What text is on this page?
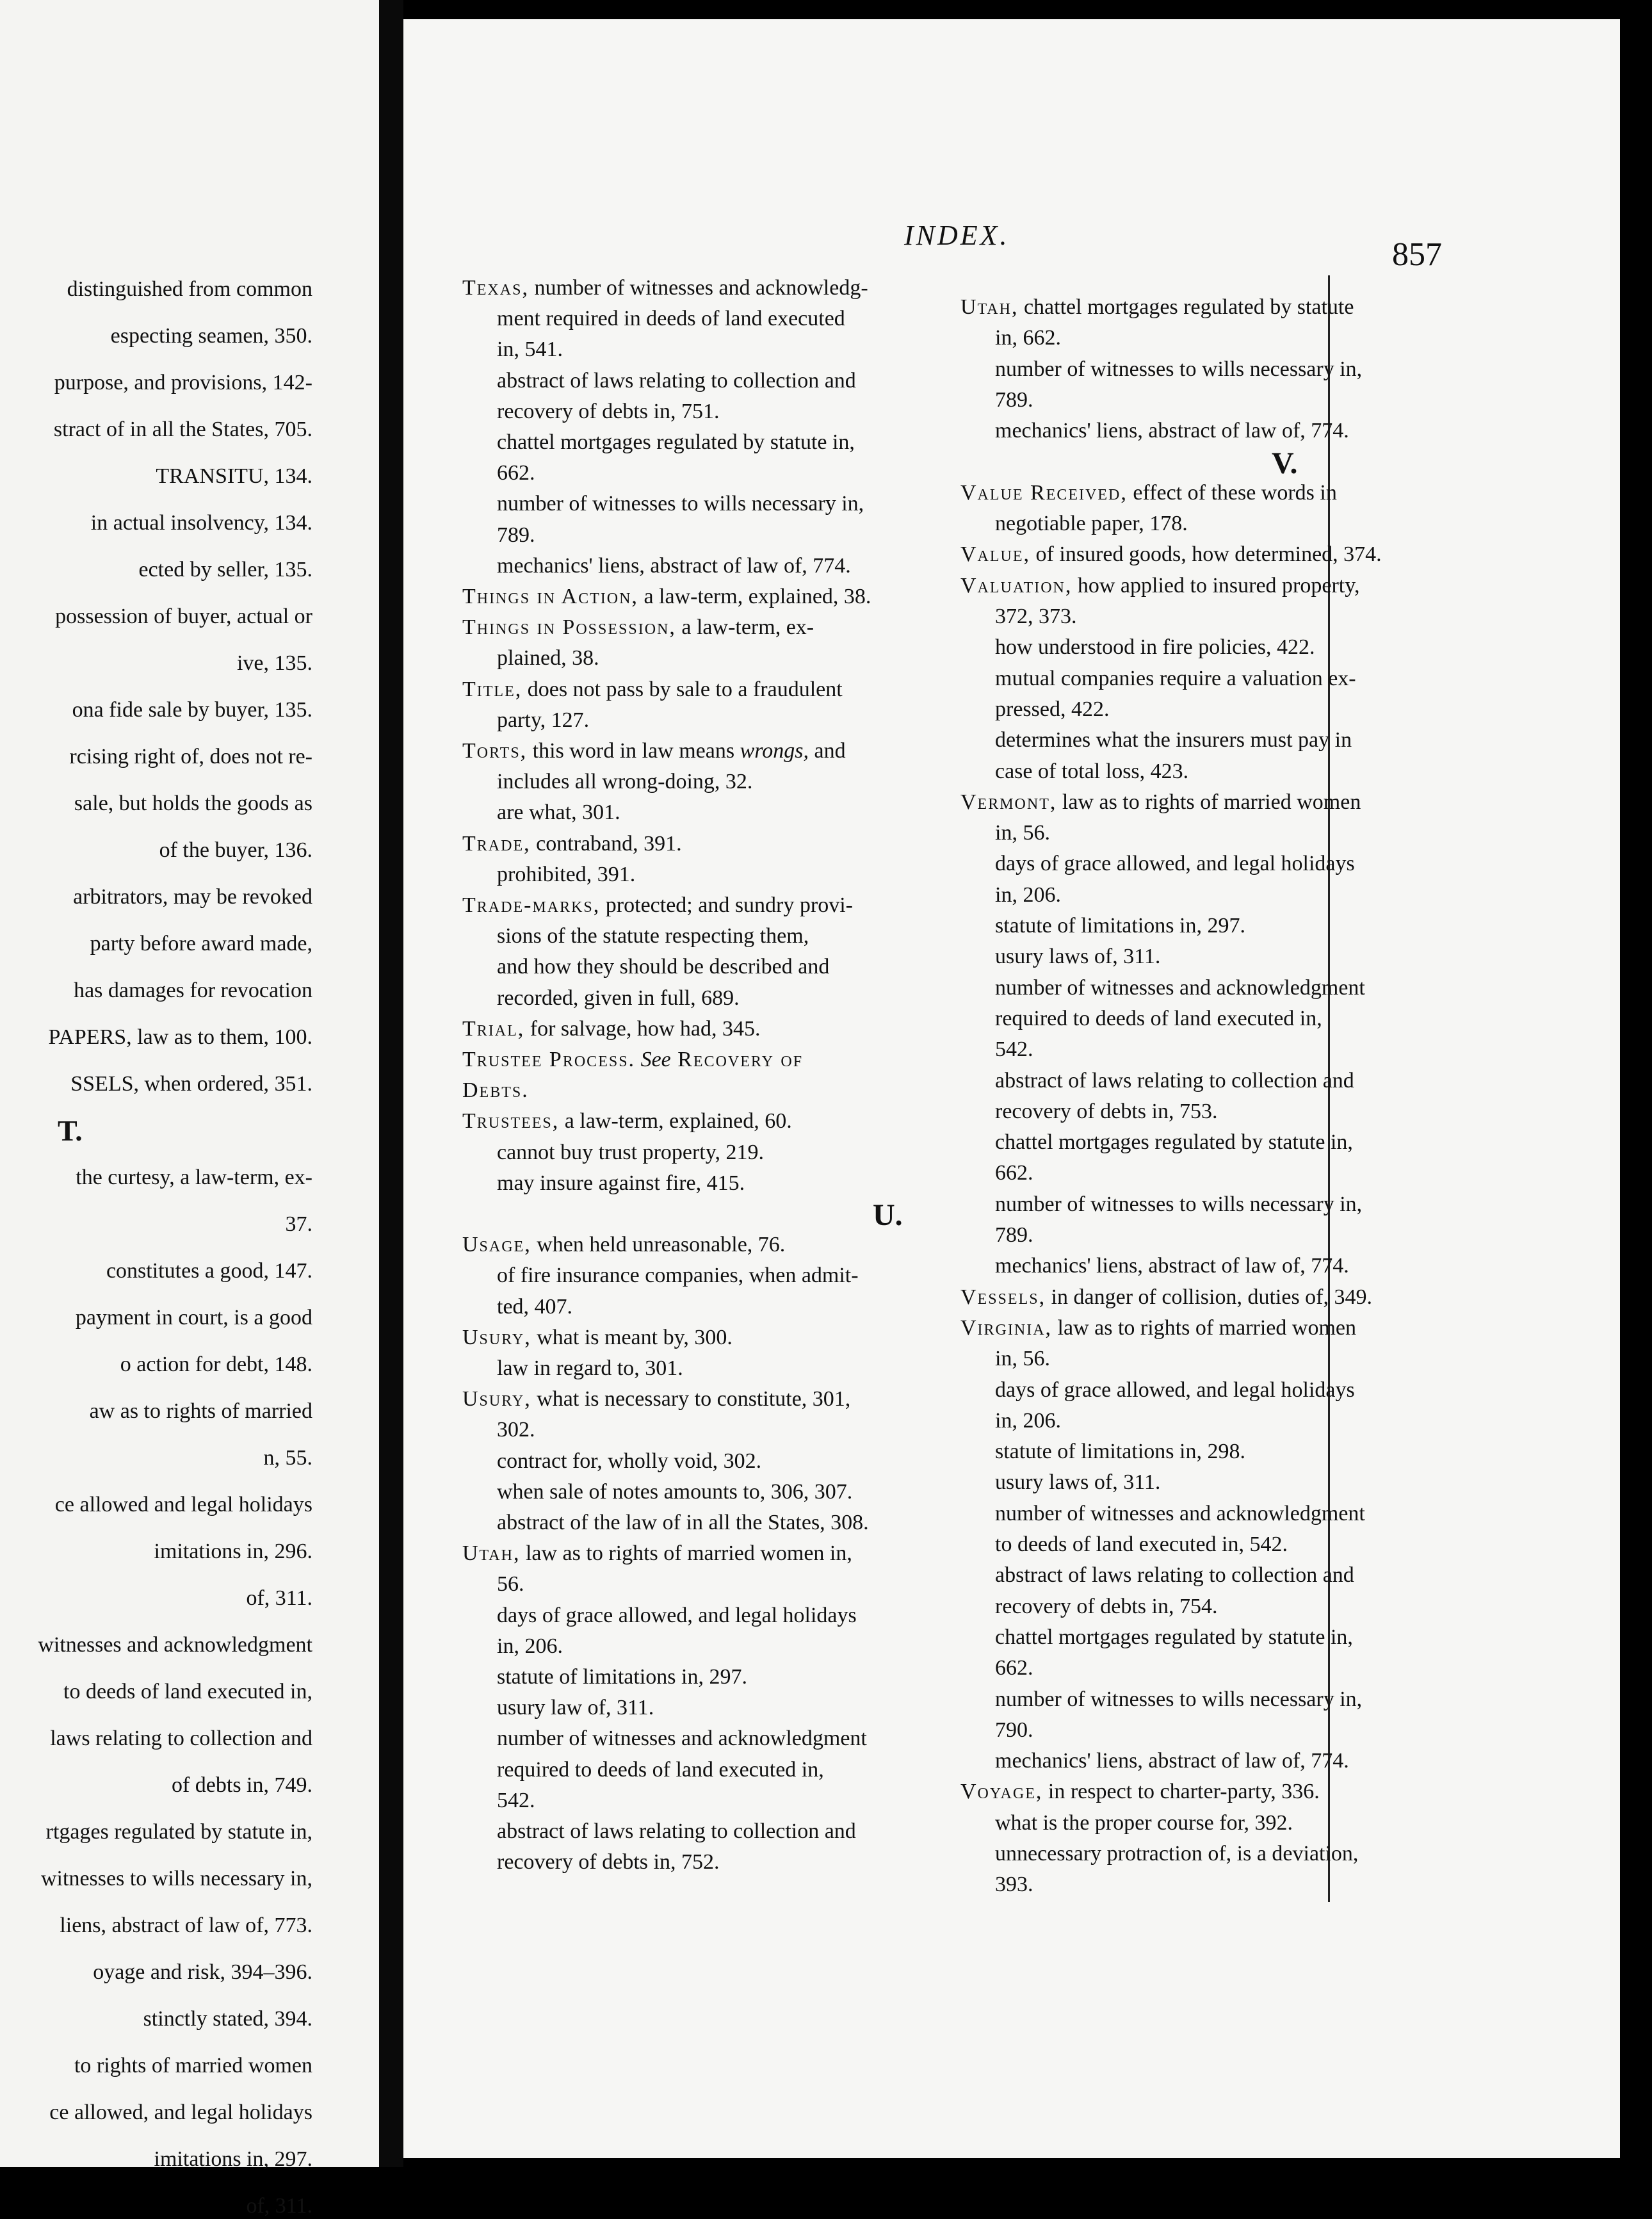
distinguished from common
especting seamen, 350.
purpose, and provisions, 142-
stract of in all the States, 705.
TRANSITU, 134.
in actual insolvency, 134.
ected by seller, 135.
possession of buyer, actual or
ive, 135.
ona fide sale by buyer, 135.
rcising right of, does not re-
sale, but holds the goods as
of the buyer, 136.
arbitrators, may be revoked
party before award made,
has damages for revocation
PAPERS, law as to them, 100.
SSELS, when ordered, 351.
T.
the curtesy, a law-term, ex-
37.
constitutes a good, 147.
payment in court, is a good
o action for debt, 148.
aw as to rights of married
n, 55.
ce allowed and legal holidays
imitations in, 296.
of, 311.
witnesses and acknowledgment
to deeds of land executed in,
laws relating to collection and
of debts in, 749.
rtgages regulated by statute in,
witnesses to wills necessary in,
liens, abstract of law of, 773.
oyage and risk, 394–396.
stinctly stated, 394.
to rights of married women
ce allowed, and legal holidays
imitations in, 297.
of, 311.
INDEX.
857
Texas, number of witnesses and acknowledg-
ment required in deeds of land executed
in, 541.
abstract of laws relating to collection and
recovery of debts in, 751.
chattel mortgages regulated by statute in,
662.
number of witnesses to wills necessary in,
789.
mechanics' liens, abstract of law of, 774.
Things in Action, a law-term, explained, 38.
Things in Possession, a law-term, ex-
plained, 38.
Title, does not pass by sale to a fraudulent
party, 127.
Torts, this word in law means wrongs, and
includes all wrong-doing, 32.
are what, 301.
Trade, contraband, 391.
prohibited, 391.
Trade-marks, protected; and sundry provi-
sions of the statute respecting them,
and how they should be described and
recorded, given in full, 689.
Trial, for salvage, how had, 345.
Trustee Process. See Recovery of
Debts.
Trustees, a law-term, explained, 60.
cannot buy trust property, 219.
may insure against fire, 415.
U.
Usage, when held unreasonable, 76.
of fire insurance companies, when admit-
ted, 407.
Usury, what is meant by, 300.
law in regard to, 301.
Usury, what is necessary to constitute, 301,
302.
contract for, wholly void, 302.
when sale of notes amounts to, 306, 307.
abstract of the law of in all the States, 308.
Utah, law as to rights of married women in,
56.
days of grace allowed, and legal holidays
in, 206.
statute of limitations in, 297.
usury law of, 311.
number of witnesses and acknowledgment
required to deeds of land executed in,
542.
abstract of laws relating to collection and
recovery of debts in, 752.
Utah, chattel mortgages regulated by statute
in, 662.
number of witnesses to wills necessary in,
789.
mechanics' liens, abstract of law of, 774.
V.
Value Received, effect of these words in
negotiable paper, 178.
Value, of insured goods, how determined, 374.
Valuation, how applied to insured property,
372, 373.
how understood in fire policies, 422.
mutual companies require a valuation ex-
pressed, 422.
determines what the insurers must pay in
case of total loss, 423.
Vermont, law as to rights of married women
in, 56.
days of grace allowed, and legal holidays
in, 206.
statute of limitations in, 297.
usury laws of, 311.
number of witnesses and acknowledgment
required to deeds of land executed in,
542.
abstract of laws relating to collection and
recovery of debts in, 753.
chattel mortgages regulated by statute in,
662.
number of witnesses to wills necessary in,
789.
mechanics' liens, abstract of law of, 774.
Vessels, in danger of collision, duties of, 349.
Virginia, law as to rights of married women
in, 56.
days of grace allowed, and legal holidays
in, 206.
statute of limitations in, 298.
usury laws of, 311.
number of witnesses and acknowledgment
to deeds of land executed in, 542.
abstract of laws relating to collection and
recovery of debts in, 754.
chattel mortgages regulated by statute in,
662.
number of witnesses to wills necessary in,
790.
mechanics' liens, abstract of law of, 774.
Voyage, in respect to charter-party, 336.
what is the proper course for, 392.
unnecessary protraction of, is a deviation,
393.
